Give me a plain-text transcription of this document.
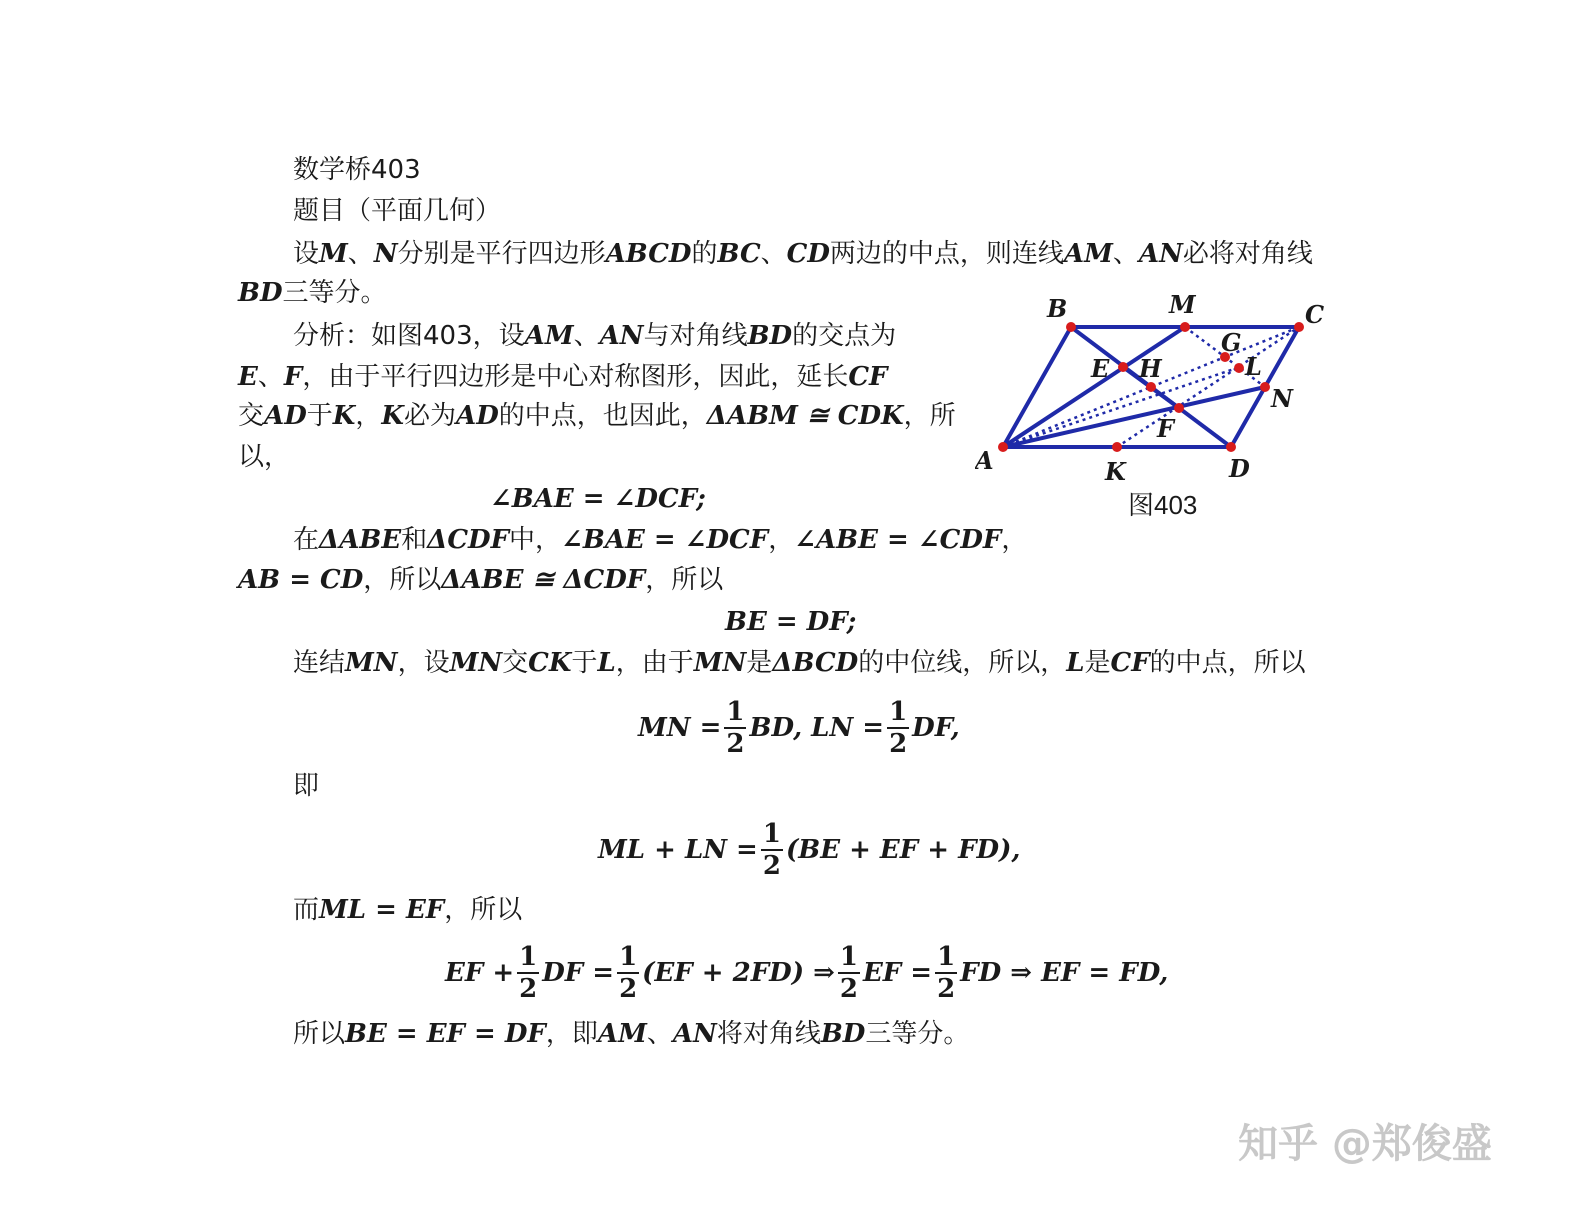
数学桥403
题目（平面几何）
设M、N分别是平行四边形ABCD的BC、CD两边的中点，则连线AM、AN必将对角线
BD三等分。
分析：如图403，设AM、AN与对角线BD的交点为
E、F，由于平行四边形是中心对称图形，因此，延长CF
交AD于K，K必为AD的中点，也因此，ΔABM ≅ CDK，所
以，
∠BAE = ∠DCF;
在ΔABE和ΔCDF中，∠BAE = ∠DCF，∠ABE = ∠CDF，
AB = CD，所以ΔABE ≅ ΔCDF，所以
BE = DF;
连结MN，设MN交CK于L，由于MN是ΔBCD的中位线，所以，L是CF的中点，所以
MN = $\frac{1}{2}$ BD, LN = $\frac{1}{2}$ DF,
即
ML + LN = $\frac{1}{2} (BE$ + EF + FD),
而ML = EF，所以
EF + $\frac{1}{2}$ DF = $\frac{1}{2} (EF + 2FD)$ ⇒ $\frac{1}{2}$ EF = $\frac{1}{2}$ FD ⇒ EF = FD,
所以BE = EF = DF，即AM、AN将对角线BD三等分。
A
B	C
D
M
N
E
F
G
H	L
K
图403
知乎 @郑俊盛
